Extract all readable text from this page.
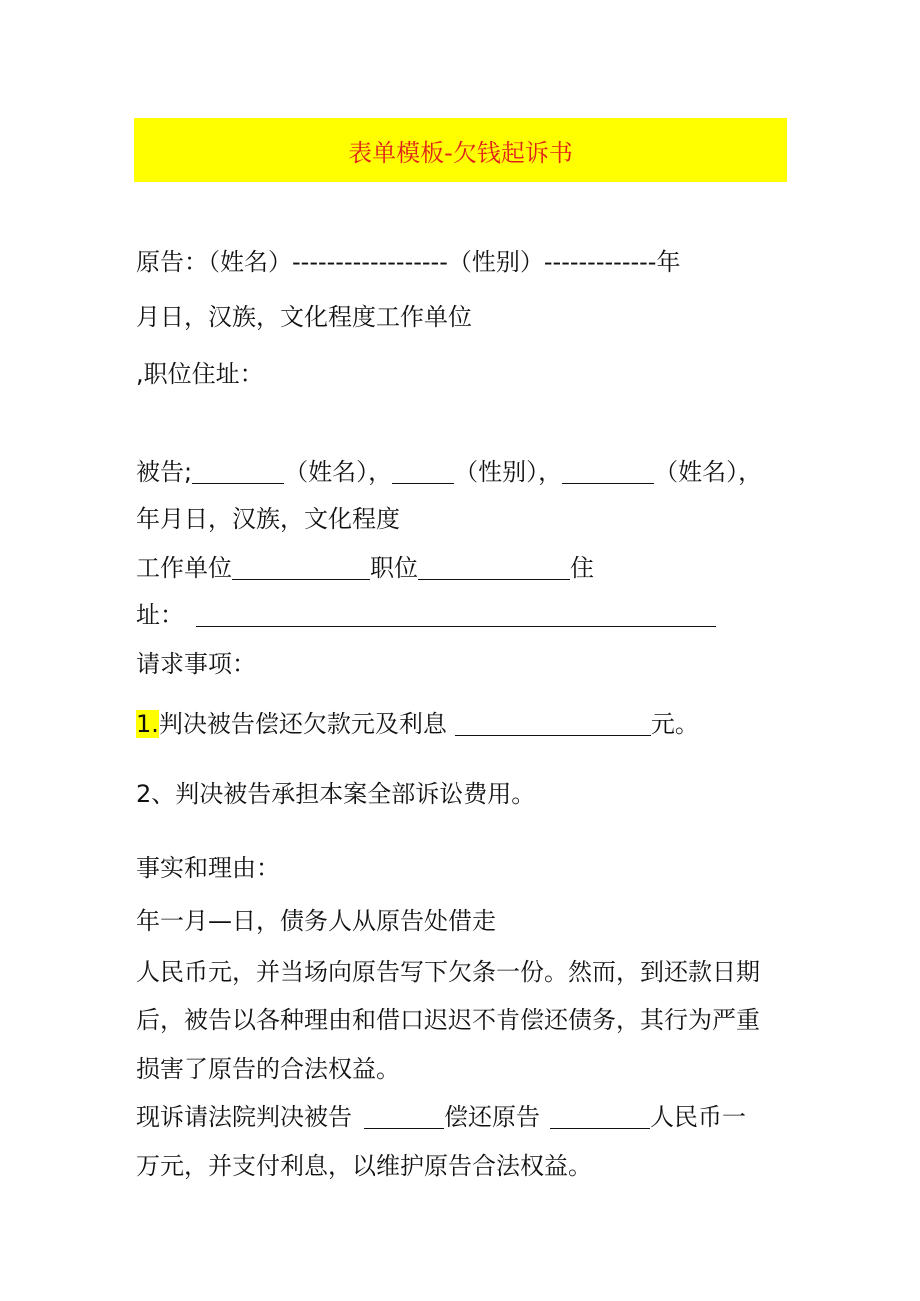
表单模板-欠钱起诉书
原告：（姓名）------------------（性别）-------------年
月日，汉族，文化程度工作单位
,职位住址：
被告;	（姓名），	（性别），	（姓名），
年月日，汉族，文化程度
工作单位	职位	住
址：
请求事项：
1.判决被告偿还欠款元及利息	元。
2、判决被告承担本案全部诉讼费用。
事实和理由：
年一月—日，债务人从原告处借走
人民币元，并当场向原告写下欠条一份。然而，到还款日期
后，被告以各种理由和借口迟迟不肯偿还债务，其行为严重
损害了原告的合法权益。
现诉请法院判决被告	偿还原告	人民币一
万元，并支付利息，以维护原告合法权益。
